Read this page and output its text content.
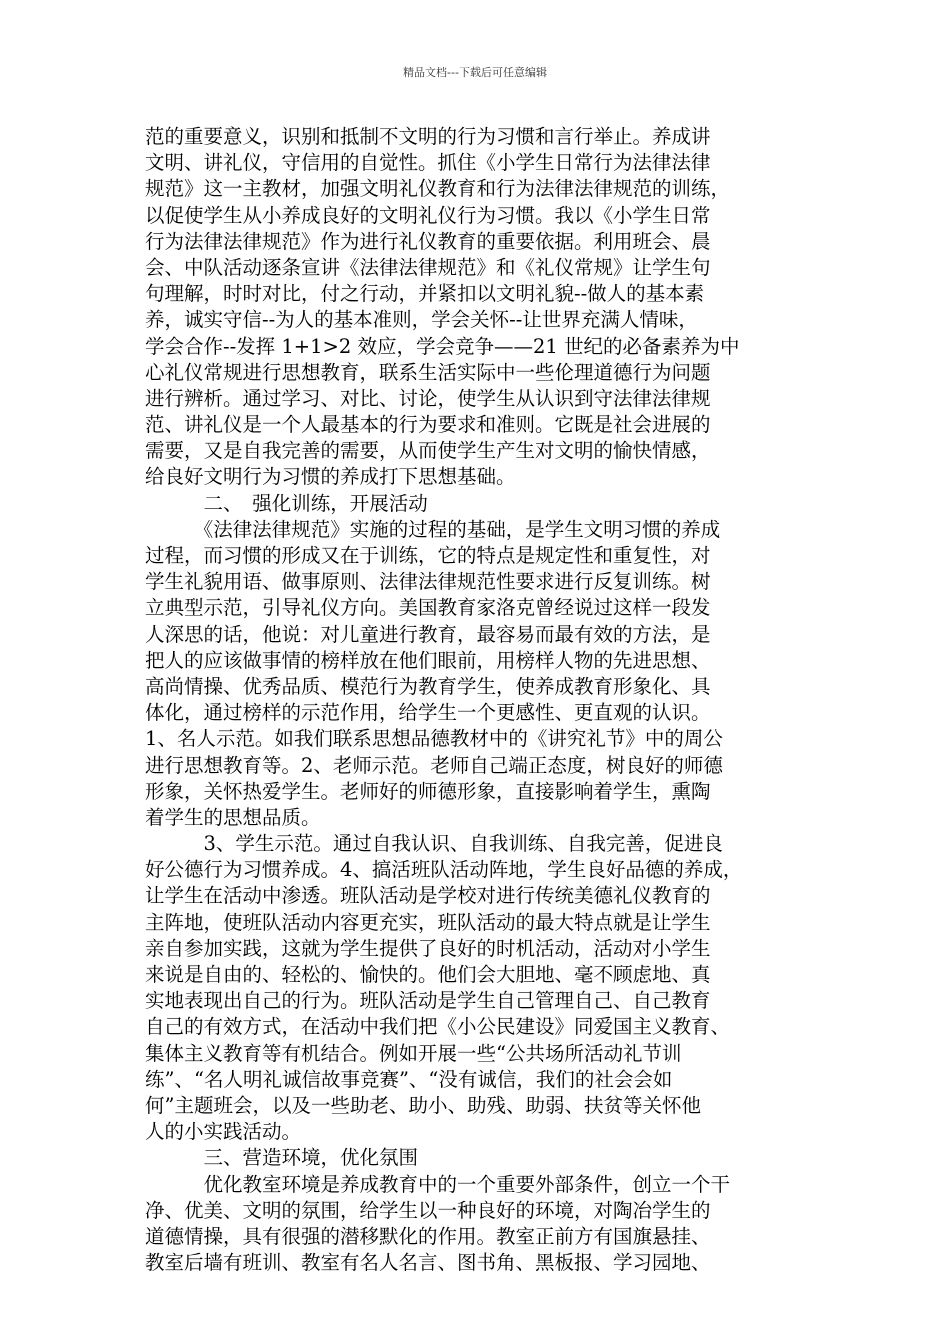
精品文档---下载后可任意编辑
范的重要意义，识别和抵制不文明的行为习惯和言行举止。养成讲
文明、讲礼仪，守信用的自觉性。抓住《小学生日常行为法律法律
规范》这一主教材，加强文明礼仪教育和行为法律法律规范的训练，
以促使学生从小养成良好的文明礼仪行为习惯。我以《小学生日常
行为法律法律规范》作为进行礼仪教育的重要依据。利用班会、晨
会、中队活动逐条宣讲《法律法律规范》和《礼仪常规》让学生句
句理解，时时对比，付之行动，并紧扣以文明礼貌--做人的基本素
养，诚实守信--为人的基本准则，学会关怀--让世界充满人情味，
学会合作--发挥 1+1>2 效应，学会竞争——21 世纪的必备素养为中
心礼仪常规进行思想教育，联系生活实际中一些伦理道德行为问题
进行辨析。通过学习、对比、讨论，使学生从认识到守法律法律规
范、讲礼仪是一个人最基本的行为要求和准则。它既是社会进展的
需要，又是自我完善的需要，从而使学生产生对文明的愉快情感，
给良好文明行为习惯的养成打下思想基础。
　　　二、　强化训练，开展活动
　　　《法律法律规范》实施的过程的基础，是学生文明习惯的养成
过程，而习惯的形成又在于训练，它的特点是规定性和重复性，对
学生礼貌用语、做事原则、法律法律规范性要求进行反复训练。树
立典型示范，引导礼仪方向。美国教育家洛克曾经说过这样一段发
人深思的话，他说：对儿童进行教育，最容易而最有效的方法，是
把人的应该做事情的榜样放在他们眼前，用榜样人物的先进思想、
高尚情操、优秀品质、模范行为教育学生，使养成教育形象化、具
体化，通过榜样的示范作用，给学生一个更感性、更直观的认识。
1、名人示范。如我们联系思想品德教材中的《讲究礼节》中的周公
进行思想教育等。2、老师示范。老师自己端正态度，树良好的师德
形象，关怀热爱学生。老师好的师德形象，直接影响着学生，熏陶
着学生的思想品质。
　　　3、学生示范。通过自我认识、自我训练、自我完善，促进良
好公德行为习惯养成。4、搞活班队活动阵地，学生良好品德的养成，
让学生在活动中渗透。班队活动是学校对进行传统美德礼仪教育的
主阵地，使班队活动内容更充实，班队活动的最大特点就是让学生
亲自参加实践，这就为学生提供了良好的时机活动，活动对小学生
来说是自由的、轻松的、愉快的。他们会大胆地、毫不顾虑地、真
实地表现出自己的行为。班队活动是学生自己管理自己、自己教育
自己的有效方式，在活动中我们把《小公民建设》同爱国主义教育、
集体主义教育等有机结合。例如开展一些“公共场所活动礼节训
练”、“名人明礼诚信故事竞赛”、“没有诚信，我们的社会会如
何”主题班会，以及一些助老、助小、助残、助弱、扶贫等关怀他
人的小实践活动。
　　　三、营造环境，优化氛围
　　　优化教室环境是养成教育中的一个重要外部条件，创立一个干
净、优美、文明的氛围，给学生以一种良好的环境，对陶冶学生的
道德情操，具有很强的潜移默化的作用。教室正前方有国旗悬挂、
教室后墙有班训、教室有名人名言、图书角、黑板报、学习园地、
